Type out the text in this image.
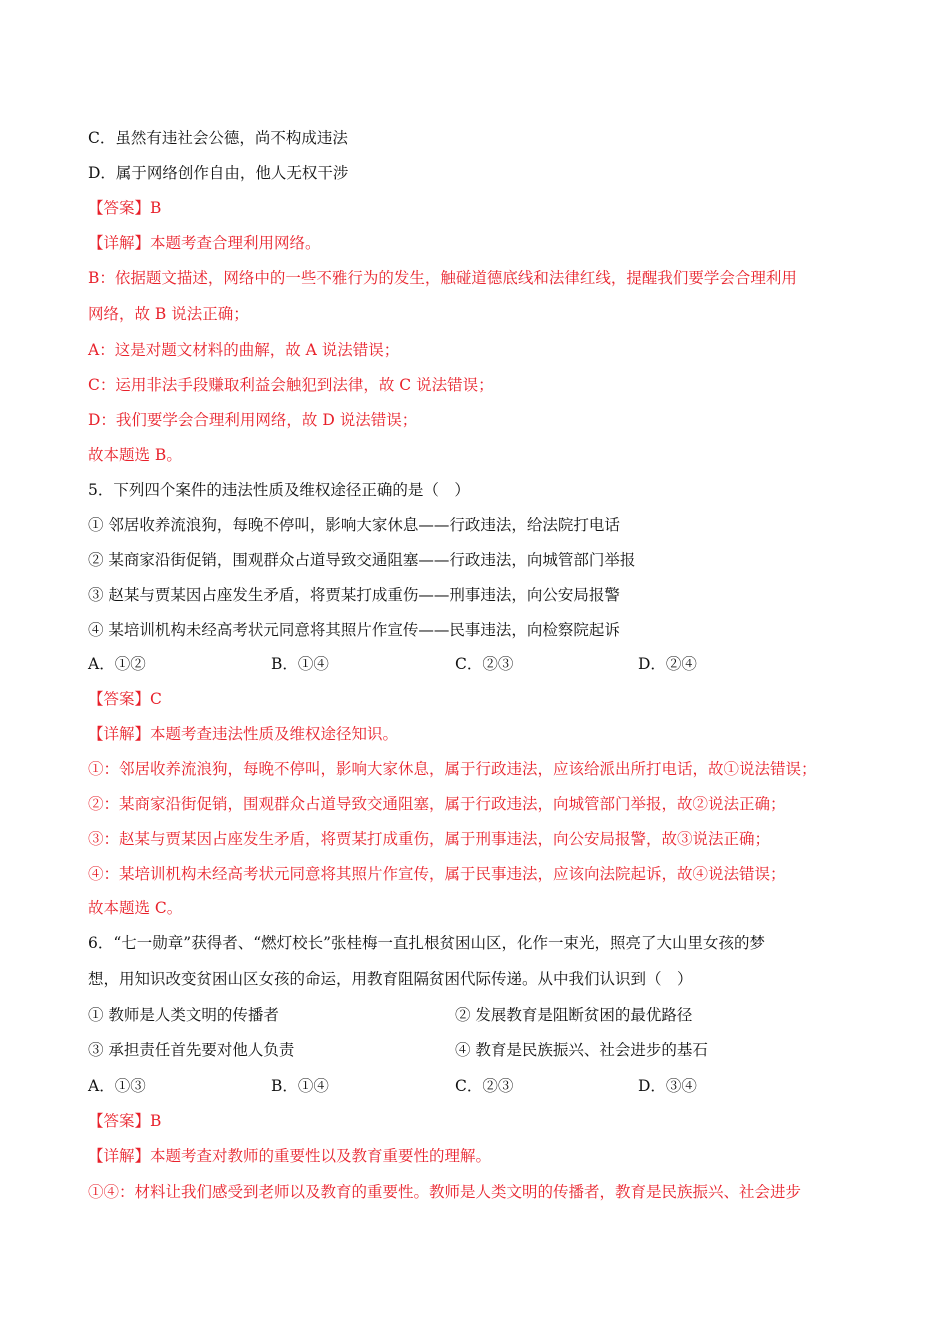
C．虽然有违社会公德，尚不构成违法
D．属于网络创作自由，他人无权干涉
【答案】B
【详解】本题考查合理利用网络。
B：依据题文描述，网络中的一些不雅行为的发生，触碰道德底线和法律红线，提醒我们要学会合理利用
网络，故 B 说法正确；
A：这是对题文材料的曲解，故 A 说法错误；
C：运用非法手段赚取利益会触犯到法律，故 C 说法错误；
D：我们要学会合理利用网络，故 D 说法错误；
故本题选 B。
5．下列四个案件的违法性质及维权途径正确的是（　）
① 邻居收养流浪狗，每晚不停叫，影响大家休息——行政违法，给法院打电话
② 某商家沿街促销，围观群众占道导致交通阻塞——行政违法，向城管部门举报
③ 赵某与贾某因占座发生矛盾，将贾某打成重伤——刑事违法，向公安局报警
④ 某培训机构未经高考状元同意将其照片作宣传——民事违法，向检察院起诉
A．①②	B．①④	C．②③	D．②④
【答案】C
【详解】本题考查违法性质及维权途径知识。
①：邻居收养流浪狗，每晚不停叫，影响大家休息，属于行政违法，应该给派出所打电话，故①说法错误；
②：某商家沿街促销，围观群众占道导致交通阻塞，属于行政违法，向城管部门举报，故②说法正确；
③：赵某与贾某因占座发生矛盾，将贾某打成重伤，属于刑事违法，向公安局报警，故③说法正确；
④：某培训机构未经高考状元同意将其照片作宣传，属于民事违法，应该向法院起诉，故④说法错误；
故本题选 C。
6．“七一勋章”获得者、“燃灯校长”张桂梅一直扎根贫困山区，化作一束光，照亮了大山里女孩的梦
想，用知识改变贫困山区女孩的命运，用教育阻隔贫困代际传递。从中我们认识到（　）
① 教师是人类文明的传播者	② 发展教育是阻断贫困的最优路径
③ 承担责任首先要对他人负责	④ 教育是民族振兴、社会进步的基石
A．①③	B．①④	C．②③	D．③④
【答案】B
【详解】本题考查对教师的重要性以及教育重要性的理解。
①④：材料让我们感受到老师以及教育的重要性。教师是人类文明的传播者，教育是民族振兴、社会进步
